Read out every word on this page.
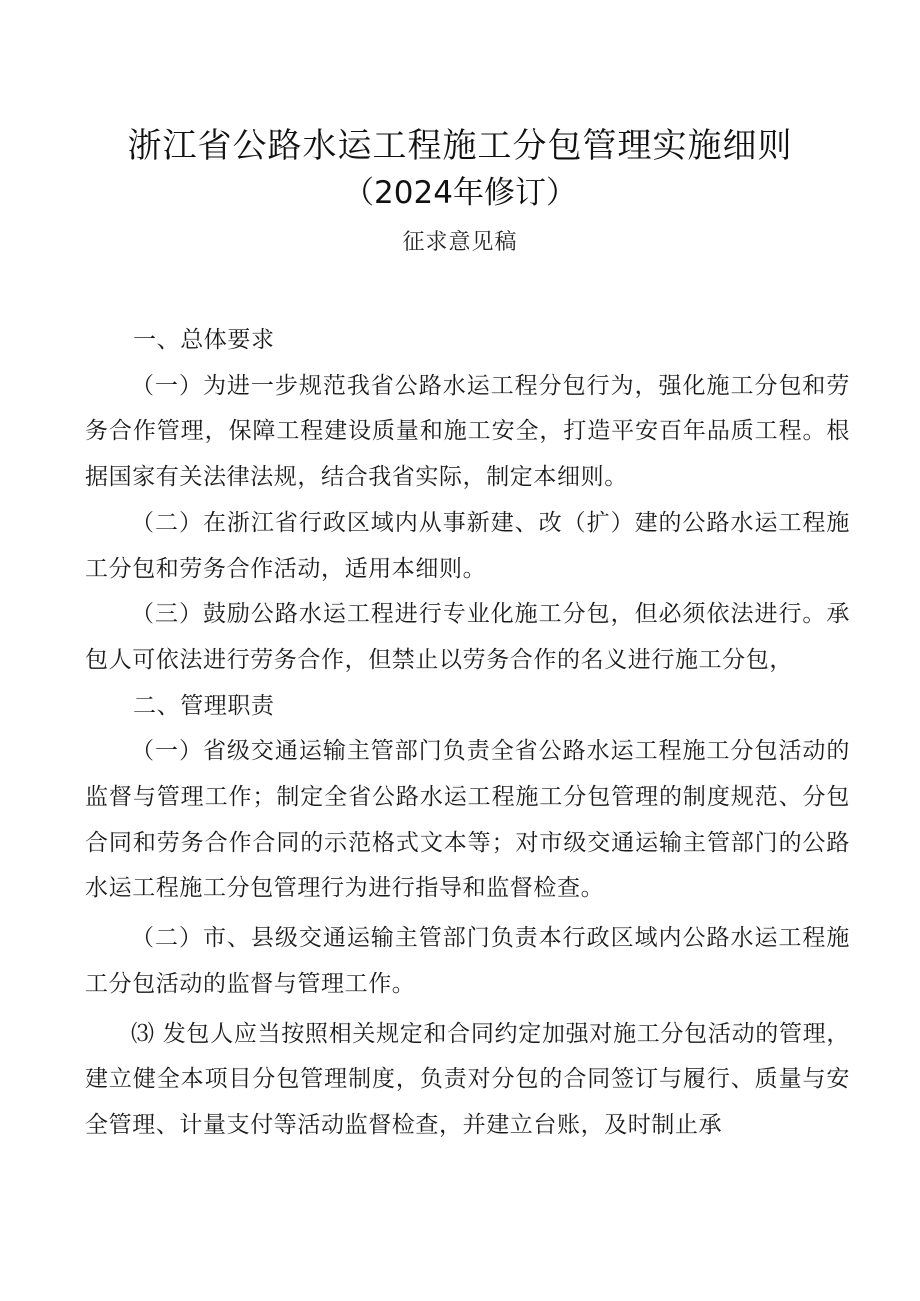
浙江省公路水运工程施工分包管理实施细则
（2024年修订）
征求意见稿

一、总体要求

（一）为进一步规范我省公路水运工程分包行为，强化施工分包和劳务合作管理，保障工程建设质量和施工安全，打造平安百年品质工程。根据国家有关法律法规，结合我省实际，制定本细则。

（二）在浙江省行政区域内从事新建、改（扩）建的公路水运工程施工分包和劳务合作活动，适用本细则。

（三）鼓励公路水运工程进行专业化施工分包，但必须依法进行。承包人可依法进行劳务合作，但禁止以劳务合作的名义进行施工分包，

二、管理职责

（一）省级交通运输主管部门负责全省公路水运工程施工分包活动的监督与管理工作；制定全省公路水运工程施工分包管理的制度规范、分包合同和劳务合作合同的示范格式文本等；对市级交通运输主管部门的公路水运工程施工分包管理行为进行指导和监督检查。

（二）市、县级交通运输主管部门负责本行政区域内公路水运工程施工分包活动的监督与管理工作。

⑶ 发包人应当按照相关规定和合同约定加强对施工分包活动的管理，建立健全本项目分包管理制度，负责对分包的合同签订与履行、质量与安全管理、计量支付等活动监督检查，并建立台账，及时制止承
